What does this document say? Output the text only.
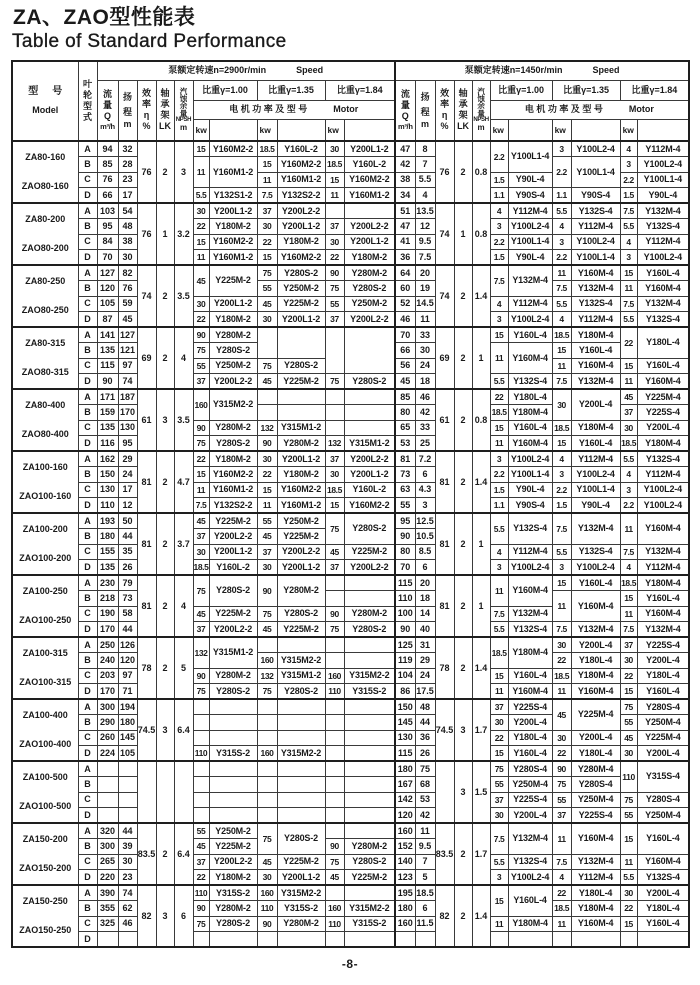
ZA、ZAO型性能表
Table of Standard Performance
型号
Model	叶轮型式	泵额定转速n=2900r/min Speed											泵额定转速n=1450r/min Speed										

		流量
Q
m³/h	扬程
m	效率
η
%	轴承架
LK	汽蚀余量
NPSH
m	比重γ=1.00		比重γ=1.35		比重γ=1.84		流量
Q
m³/h	扬程
m	效率
η
%	轴承架
LK	汽蚀余量
NPSH
m	比重γ=1.00		比重γ=1.35		比重γ=1.84	
							电 机 功 率 及 型 号 Motor											电 机 功 率 及 型 号 Motor					
							kw		kw		kw							kw		kw		kw	

ZA80-160
ZAO80-160	A	94	32	76	2	3	15	Y160M2-2	18.5	Y160L-2	30	Y200L1-2	47	8	76	2	0.8	2.2	Y100L1-4	3	Y100L2-4	4	Y112M-4
	B	85	28				11	Y160M1-2	15	Y160M2-2	18.5	Y160L-2	42	7						2.2	Y100L1-4	3	Y100L2-4
	C	76	23						11	Y160M1-2	15	Y160M2-2	38	5.5				1.5	Y90L-4			2.2	Y100L1-4
	D	66	17				5.5	Y132S1-2	7.5	Y132S2-2	11	Y160M1-2	34	4				1.1	Y90S-4	1.1	Y90S-4	1.5	Y90L-4

ZA80-200
ZAO80-200	A	103	54	76	1	3.2	30	Y200L1-2	37	Y200L2-2			51	13.5	74	1	0.8	4	Y112M-4	5.5	Y132S-4	7.5	Y132M-4
	B	95	48				22	Y180M-2	30	Y200L1-2	37	Y200L2-2	47	12				3	Y100L2-4	4	Y112M-4	5.5	Y132S-4
	C	84	38				15	Y160M2-2	22	Y180M-2	30	Y200L1-2	41	9.5				2.2	Y100L1-4	3	Y100L2-4	4	Y112M-4
	D	70	30				11	Y160M1-2	15	Y160M2-2	22	Y180M-2	36	7.5				1.5	Y90L-4	2.2	Y100L1-4	3	Y100L2-4

ZA80-250
ZAO80-250	A	127	82	74	2	3.5	45	Y225M-2	75	Y280S-2	90	Y280M-2	64	20	74	2	1.4	7.5	Y132M-4	11	Y160M-4	15	Y160L-4
	B	120	76						55	Y250M-2	75	Y280S-2	60	19						7.5	Y132M-4	11	Y160M-4
	C	105	59				30	Y200L1-2	45	Y225M-2	55	Y250M-2	52	14.5				4	Y112M-4	5.5	Y132S-4	7.5	Y132M-4
	D	87	45				22	Y180M-2	30	Y200L1-2	37	Y200L2-2	46	11				3	Y100L2-4	4	Y112M-4	5.5	Y132S-4

ZA80-315
ZAO80-315	A	141	127	69	2	4	90	Y280M-2					70	33	69	2	1	15	Y160L-4	18.5	Y180M-4	22	Y180L-4
	B	135	121				75	Y280S-2					66	30				11	Y160M-4	15	Y160L-4		
	C	115	97				55	Y250M-2	75	Y280S-2			56	24						11	Y160M-4	15	Y160L-4
	D	90	74				37	Y200L2-2	45	Y225M-2	75	Y280S-2	45	18				5.5	Y132S-4	7.5	Y132M-4	11	Y160M-4

ZA80-400
ZAO80-400	A	171	187	61	3	3.5	160	Y315M2-2					85	46	61	2	0.8	22	Y180L-4	30	Y200L-4	45	Y225M-4
	B	159	170										80	42				18.5	Y180M-4			37	Y225S-4
	C	135	130				90	Y280M-2	132	Y315M1-2			65	33				15	Y160L-4	18.5	Y180M-4	30	Y200L-4
	D	116	95				75	Y280S-2	90	Y280M-2	132	Y315M1-2	53	25				11	Y160M-4	15	Y160L-4	18.5	Y180M-4

ZA100-160
ZAO100-160	A	162	29	81	2	4.7	22	Y180M-2	30	Y200L1-2	37	Y200L2-2	81	7.2	81	2	1.4	3	Y100L2-4	4	Y112M-4	5.5	Y132S-4
	B	150	24				15	Y160M2-2	22	Y180M-2	30	Y200L1-2	73	6				2.2	Y100L1-4	3	Y100L2-4	4	Y112M-4
	C	130	17				11	Y160M1-2	15	Y160M2-2	18.5	Y160L-2	63	4.3				1.5	Y90L-4	2.2	Y100L1-4	3	Y100L2-4
	D	110	12				7.5	Y132S2-2	11	Y160M1-2	15	Y160M2-2	55	3				1.1	Y90S-4	1.5	Y90L-4	2.2	Y100L2-4

ZA100-200
ZAO100-200	A	193	50	81	2	3.7	45	Y225M-2	55	Y250M-2	75	Y280S-2	95	12.5	81	2	1	5.5	Y132S-4	7.5	Y132M-4	11	Y160M-4
	B	180	44				37	Y200L2-2	45	Y225M-2			90	10.5									
	C	155	35				30	Y200L1-2	37	Y200L2-2	45	Y225M-2	80	8.5				4	Y112M-4	5.5	Y132S-4	7.5	Y132M-4
	D	135	26				18.5	Y160L-2	30	Y200L1-2	37	Y200L2-2	70	6				3	Y100L2-4	3	Y100L2-4	4	Y112M-4

ZA100-250
ZAO100-250	A	230	79	81	2	4	75	Y280S-2	90	Y280M-2			115	20	81	2	1	11	Y160M-4	15	Y160L-4	18.5	Y180M-4
	B	218	73										110	18						11	Y160M-4	15	Y160L-4
	C	190	58				45	Y225M-2	75	Y280S-2	90	Y280M-2	100	14				7.5	Y132M-4			11	Y160M-4
	D	170	44				37	Y200L2-2	45	Y225M-2	75	Y280S-2	90	40				5.5	Y132S-4	7.5	Y132M-4	7.5	Y132M-4

ZA100-315
ZAO100-315	A	250	126	78	2	5	132	Y315M1-2					125	31	78	2	1.4	18.5	Y180M-4	30	Y200L-4	37	Y225S-4
	B	240	120						160	Y315M2-2			119	29						22	Y180L-4	30	Y200L-4
	C	203	97				90	Y280M-2	132	Y315M1-2	160	Y315M2-2	104	24				15	Y160L-4	18.5	Y180M-4	22	Y180L-4
	D	170	71				75	Y280S-2	75	Y280S-2	110	Y315S-2	86	17.5				11	Y160M-4	11	Y160M-4	15	Y160L-4

ZA100-400
ZAO100-400	A	300	194	74.5	3	6.4							150	48	74.5	3	1.7	37	Y225S-4	45	Y225M-4	75	Y280S-4
	B	290	180										145	44				30	Y200L-4			55	Y250M-4
	C	260	145										130	36				22	Y180L-4	30	Y200L-4	45	Y225M-4
	D	224	105				110	Y315S-2	160	Y315M2-2			115	26				15	Y160L-4	22	Y180L-4	30	Y200L-4

ZA100-500
ZAO100-500	A												180	75		3	1.5	75	Y280S-4	90	Y280M-4	110	Y315S-4
	B												167	68				55	Y250M-4	75	Y280S-4		
	C												142	53				37	Y225S-4	55	Y250M-4	75	Y280S-4
	D												120	42				30	Y200L-4	37	Y225S-4	55	Y250M-4

ZA150-200
ZAO150-200	A	320	44	83.5	2	6.4	55	Y250M-2	75	Y280S-2			160	11	83.5	2	1.7	7.5	Y132M-4	11	Y160M-4	15	Y160L-4
	B	300	39				45	Y225M-2			90	Y280M-2	152	9.5									
	C	265	30				37	Y200L2-2	45	Y225M-2	75	Y280S-2	140	7				5.5	Y132S-4	7.5	Y132M-4	11	Y160M-4
	D	220	23				22	Y180M-2	30	Y200L1-2	45	Y225M-2	123	5				3	Y100L2-4	4	Y112M-4	5.5	Y132S-4

ZA150-250
ZAO150-250	A	390	74	82	3	6	110	Y315S-2	160	Y315M2-2			195	18.5	82	2	1.4	15	Y160L-4	22	Y180L-4	30	Y200L-4
	B	355	62				90	Y280M-2	110	Y315S-2	160	Y315M2-2	180	6						18.5	Y180M-4	22	Y180L-4
	C	325	46				75	Y280S-2	90	Y280M-2	110	Y315S-2	160	11.5				11	Y180M-4	11	Y160M-4	15	Y160L-4
	D																						
-8-
